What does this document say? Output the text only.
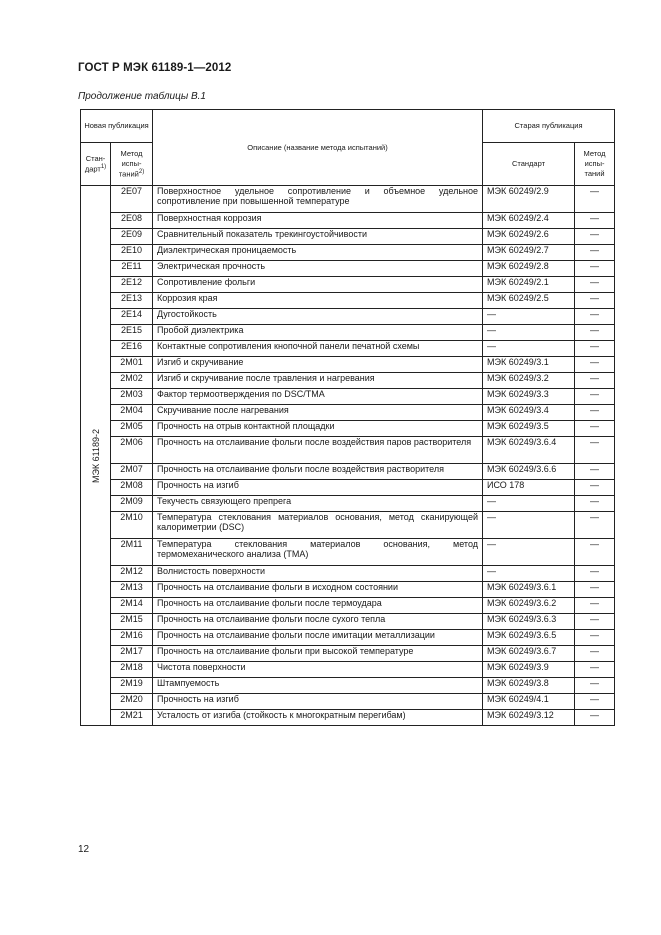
ГОСТ Р МЭК 61189-1—2012
Продолжение таблицы В.1
Новая публикация		Описание (название метода испытаний)	Старая публикация	
Стан-дарт$^{1)}$	Метод испы-таний$^{2)}$		Стандарт	Метод испы-таний

МЭК 61189-2	2E07	Поверхностное удельное сопротивление и объемное удельное сопротивление при повышенной температуре	МЭК 60249/2.9	—
	2E08	Поверхностная коррозия	МЭК 60249/2.4	—
	2E09	Сравнительный показатель трекингоустойчивости	МЭК 60249/2.6	—
	2E10	Диэлектрическая проницаемость	МЭК 60249/2.7	—
	2E11	Электрическая прочность	МЭК 60249/2.8	—
	2E12	Сопротивление фольги	МЭК 60249/2.1	—
	2E13	Коррозия края	МЭК 60249/2.5	—
	2E14	Дугостойкость	—	—
	2E15	Пробой диэлектрика	—	—
	2E16	Контактные сопротивления кнопочной панели печатной схемы	—	—
	2M01	Изгиб и скручивание	МЭК 60249/3.1	—
	2M02	Изгиб и скручивание после травления и нагревания	МЭК 60249/3.2	—
	2M03	Фактор термоотверждения по DSC/TMA	МЭК 60249/3.3	—
	2M04	Скручивание после нагревания	МЭК 60249/3.4	—
	2M05	Прочность на отрыв контактной площадки	МЭК 60249/3.5	—
	2M06	Прочность на отслаивание фольги после воздействия паров растворителя	МЭК 60249/3.6.4	—
	2M07	Прочность на отслаивание фольги после воздействия растворителя	МЭК 60249/3.6.6	—
	2M08	Прочность на изгиб	ИСО 178	—
	2M09	Текучесть связующего препрега	—	—
	2M10	Температура стеклования материалов основания, метод сканирующей калориметрии (DSC)	—	—
	2M11	Температура стеклования материалов основания, метод термомеханического анализа (TMA)	—	—
	2M12	Волнистость поверхности	—	—
	2M13	Прочность на отслаивание фольги в исходном состоянии	МЭК 60249/3.6.1	—
	2M14	Прочность на отслаивание фольги после термоудара	МЭК 60249/3.6.2	—
	2M15	Прочность на отслаивание фольги после сухого тепла	МЭК 60249/3.6.3	—
	2M16	Прочность на отслаивание фольги после имитации металлизации	МЭК 60249/3.6.5	—
	2M17	Прочность на отслаивание фольги при высокой температуре	МЭК 60249/3.6.7	—
	2M18	Чистота поверхности	МЭК 60249/3.9	—
	2M19	Штампуемость	МЭК 60249/3.8	—
	2M20	Прочность на изгиб	МЭК 60249/4.1	—
	2M21	Усталость от изгиба (стойкость к многократным перегибам)	МЭК 60249/3.12	—
12
